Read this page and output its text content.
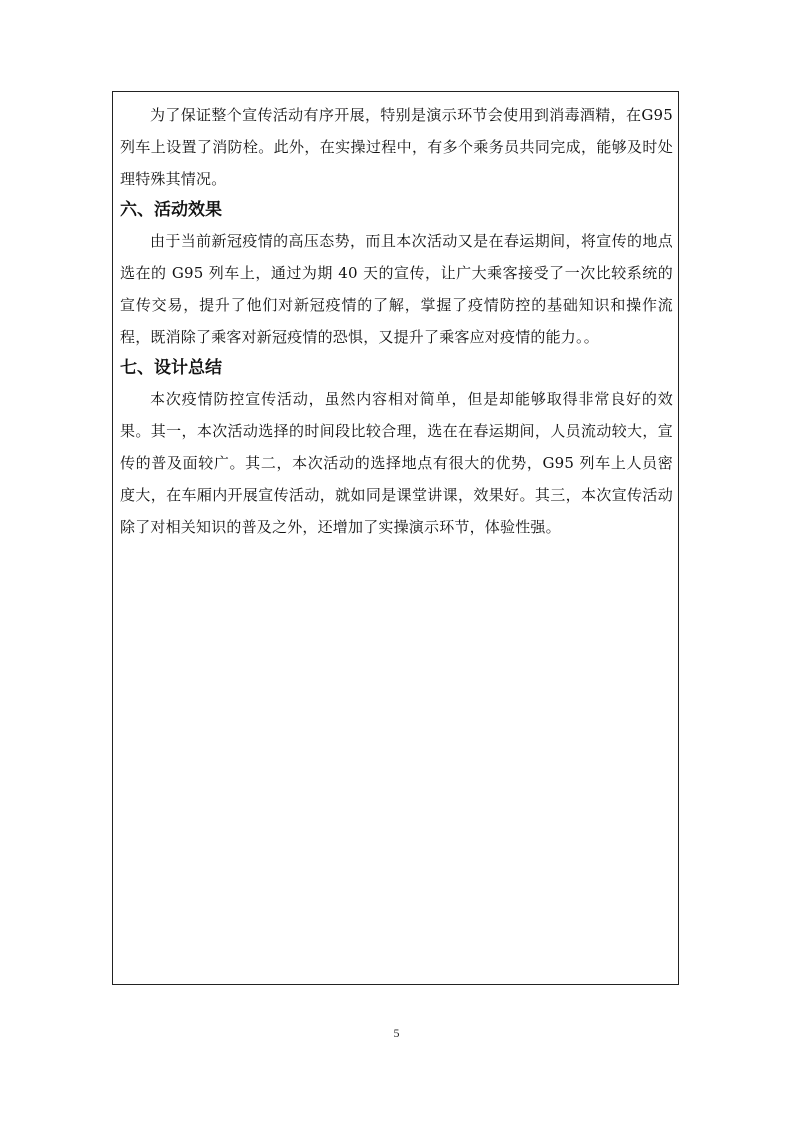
为了保证整个宣传活动有序开展，特别是演示环节会使用到消毒酒精，在G95 列车上设置了消防栓。此外，在实操过程中，有多个乘务员共同完成，能够及时处理特殊其情况。

六、活动效果

由于当前新冠疫情的高压态势，而且本次活动又是在春运期间，将宣传的地点选在的 G95 列车上，通过为期 40 天的宣传，让广大乘客接受了一次比较系统的宣传交易，提升了他们对新冠疫情的了解，掌握了疫情防控的基础知识和操作流程，既消除了乘客对新冠疫情的恐惧，又提升了乘客应对疫情的能力。。

七、设计总结

本次疫情防控宣传活动，虽然内容相对简单，但是却能够取得非常良好的效果。其一，本次活动选择的时间段比较合理，选在在春运期间，人员流动较大，宣传的普及面较广。其二，本次活动的选择地点有很大的优势，G95 列车上人员密度大，在车厢内开展宣传活动，就如同是课堂讲课，效果好。其三，本次宣传活动除了对相关知识的普及之外，还增加了实操演示环节，体验性强。

5
